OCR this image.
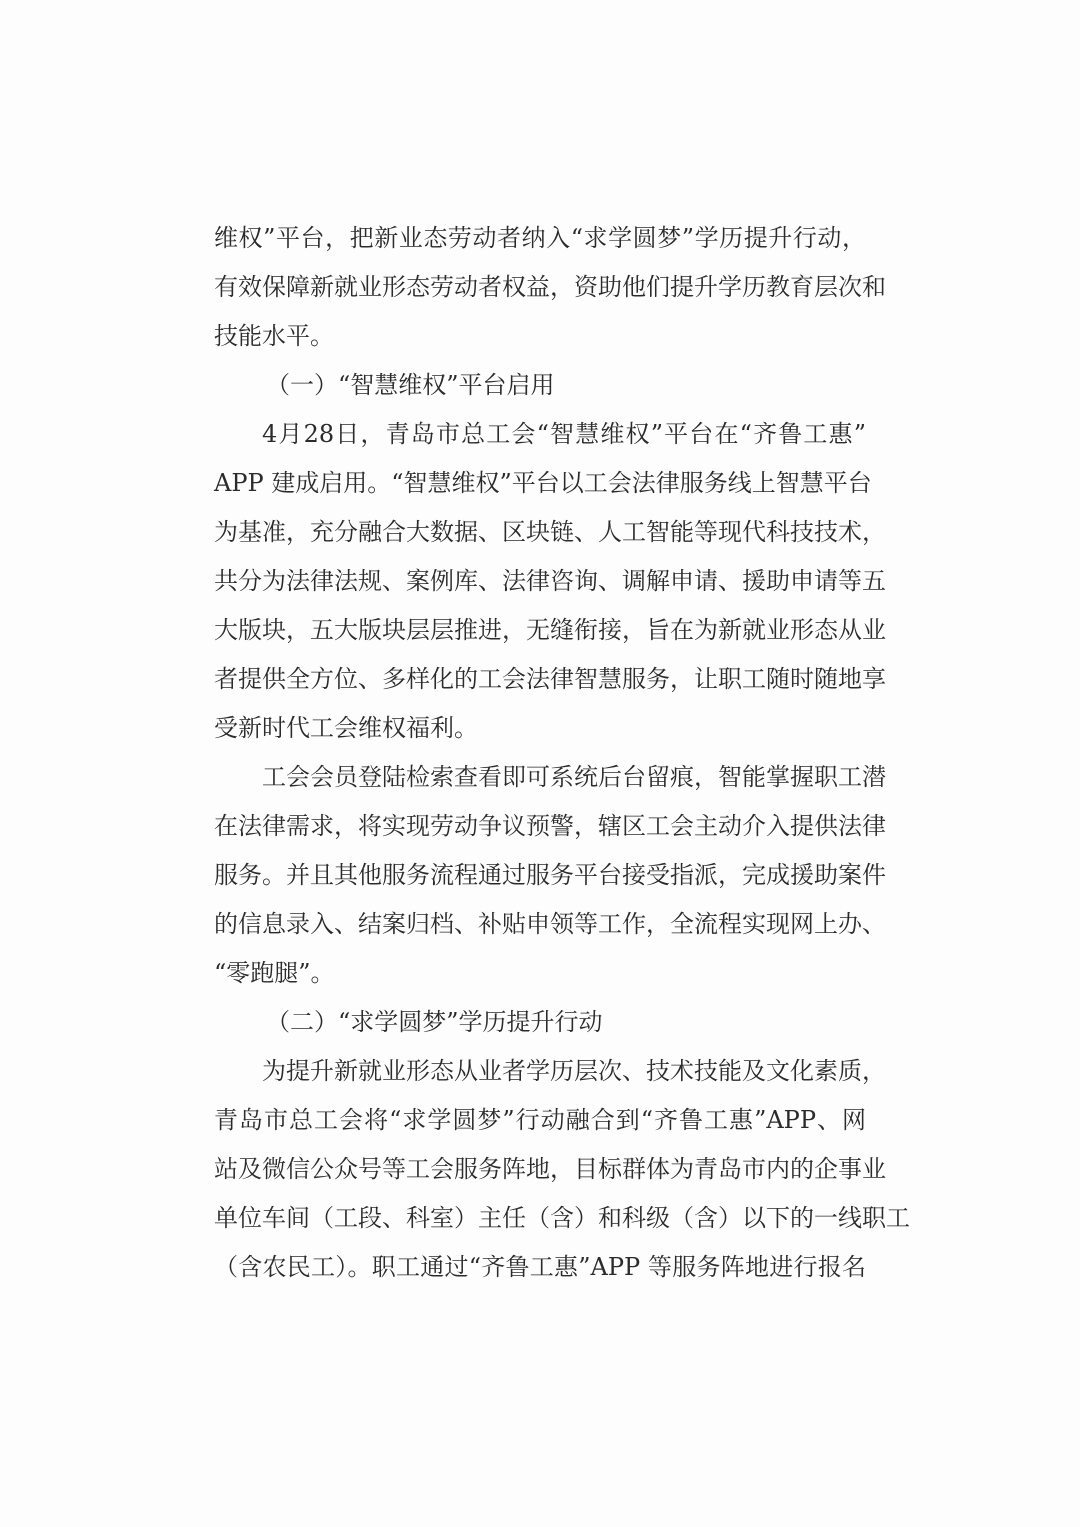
维权”平台，把新业态劳动者纳入“求学圆梦”学历提升行动，
有效保障新就业形态劳动者权益，资助他们提升学历教育层次和
技能水平。
（一）“智慧维权”平台启用
4月28日，青岛市总工会“智慧维权”平台在“齐鲁工惠”
APP 建成启用。“智慧维权”平台以工会法律服务线上智慧平台
为基准，充分融合大数据、区块链、人工智能等现代科技技术，
共分为法律法规、案例库、法律咨询、调解申请、援助申请等五
大版块，五大版块层层推进，无缝衔接，旨在为新就业形态从业
者提供全方位、多样化的工会法律智慧服务，让职工随时随地享
受新时代工会维权福利。
工会会员登陆检索查看即可系统后台留痕，智能掌握职工潜
在法律需求，将实现劳动争议预警，辖区工会主动介入提供法律
服务。并且其他服务流程通过服务平台接受指派，完成援助案件
的信息录入、结案归档、补贴申领等工作，全流程实现网上办、
“零跑腿”。
（二）“求学圆梦”学历提升行动
为提升新就业形态从业者学历层次、技术技能及文化素质，
青岛市总工会将“求学圆梦”行动融合到“齐鲁工惠”APP、网
站及微信公众号等工会服务阵地，目标群体为青岛市内的企事业
单位车间（工段、科室）主任（含）和科级（含）以下的一线职工
（含农民工）。职工通过“齐鲁工惠”APP 等服务阵地进行报名
